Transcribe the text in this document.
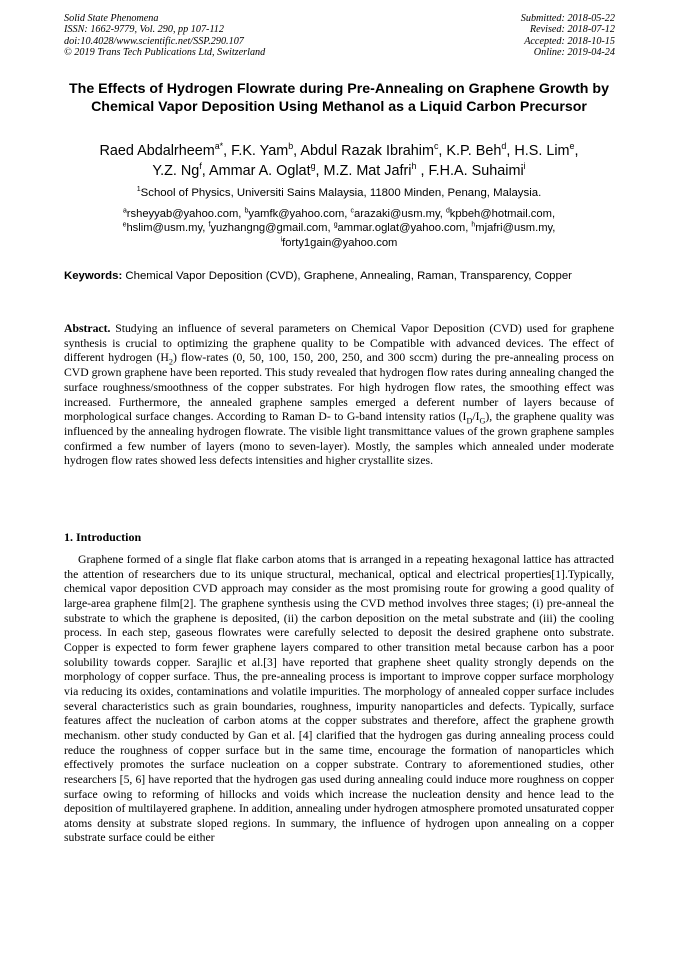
Solid State Phenomena
ISSN: 1662-9779, Vol. 290, pp 107-112
doi:10.4028/www.scientific.net/SSP.290.107
© 2019 Trans Tech Publications Ltd, Switzerland
Submitted: 2018-05-22
Revised: 2018-07-12
Accepted: 2018-10-15
Online: 2019-04-24
The Effects of Hydrogen Flowrate during Pre-Annealing on Graphene Growth by Chemical Vapor Deposition Using Methanol as a Liquid Carbon Precursor
Raed Abdalrheem$^{a*}$, F.K. Yam$^b$, Abdul Razak Ibrahim$^c$, K.P. Beh$^d$, H.S. Lim$^e$,
Y.Z. Ng$^f$, Ammar A. Oglat$^g$, M.Z. Mat Jafri$^h$ , F.H.A. Suhaimi$^i$
$^1$School of Physics, Universiti Sains Malaysia, 11800 Minden, Penang, Malaysia.
$^a$rsheyyab@yahoo.com, $^b$yamfk@yahoo.com, $^c$arazaki@usm.my, $^d$kpbeh@hotmail.com,
$^e$hslim@usm.my, $^f$yuzhangng@gmail.com, $^g$ammar.oglat@yahoo.com, $^h$mjafri@usm.my,
$^i$forty1gain@yahoo.com
Keywords: Chemical Vapor Deposition (CVD), Graphene, Annealing, Raman, Transparency, Copper
Abstract. Studying an influence of several parameters on Chemical Vapor Deposition (CVD) used for graphene synthesis is crucial to optimizing the graphene quality to be Compatible with advanced devices. The effect of different hydrogen $(H_2)$ flow-rates (0, 50, 100, 150, 200, 250, and 300 sccm) during the pre-annealing process on CVD grown graphene have been reported. This study revealed that hydrogen flow rates during annealing changed the surface roughness/smoothness of the copper substrates. For high hydrogen flow rates, the smoothing effect was increased. Furthermore, the annealed graphene samples emerged a deferent number of layers because of morphological surface changes. According to Raman D- to G-band intensity ratios $(I_D/I_G)$, the graphene quality was influenced by the annealing hydrogen flowrate. The visible light transmittance values of the grown graphene samples confirmed a few number of layers (mono to seven-layer). Mostly, the samples which annealed under moderate hydrogen flow rates showed less defects intensities and higher crystallite sizes.
1. Introduction
Graphene formed of a single flat flake carbon atoms that is arranged in a repeating hexagonal lattice has attracted the attention of researchers due to its unique structural, mechanical, optical and electrical properties[1].Typically, chemical vapor deposition CVD approach may consider as the most promising route for growing a good quality of large-area graphene film[2]. The graphene synthesis using the CVD method involves three stages; (i) pre-anneal the substrate to which the graphene is deposited, (ii) the carbon deposition on the metal substrate and (iii) the cooling process. In each step, gaseous flowrates were carefully selected to deposit the desired graphene onto substrate. Copper is expected to form fewer graphene layers compared to other transition metal because carbon has a poor solubility towards copper. Sarajlic et al.[3] have reported that graphene sheet quality strongly depends on the morphology of copper surface. Thus, the pre-annealing process is important to improve copper surface morphology via reducing its oxides, contaminations and volatile impurities. The morphology of annealed copper surface includes several characteristics such as grain boundaries, roughness, impurity nanoparticles and defects. Typically, surface features affect the nucleation of carbon atoms at the copper substrates and therefore, affect the graphene growth mechanism. other study conducted by Gan et al. [4] clarified that the hydrogen gas during annealing process could reduce the roughness of copper surface but in the same time, encourage the formation of nanoparticles which effectively promotes the surface nucleation on a copper substrate. Contrary to aforementioned studies, other researchers [5, 6] have reported that the hydrogen gas used during annealing could induce more roughness on copper surface owing to reforming of hillocks and voids which increase the nucleation density and hence lead to the deposition of multilayered graphene. In addition, annealing under hydrogen atmosphere promoted unsaturated copper atoms density at substrate sloped regions. In summary, the influence of hydrogen upon annealing on a copper substrate surface could be either
